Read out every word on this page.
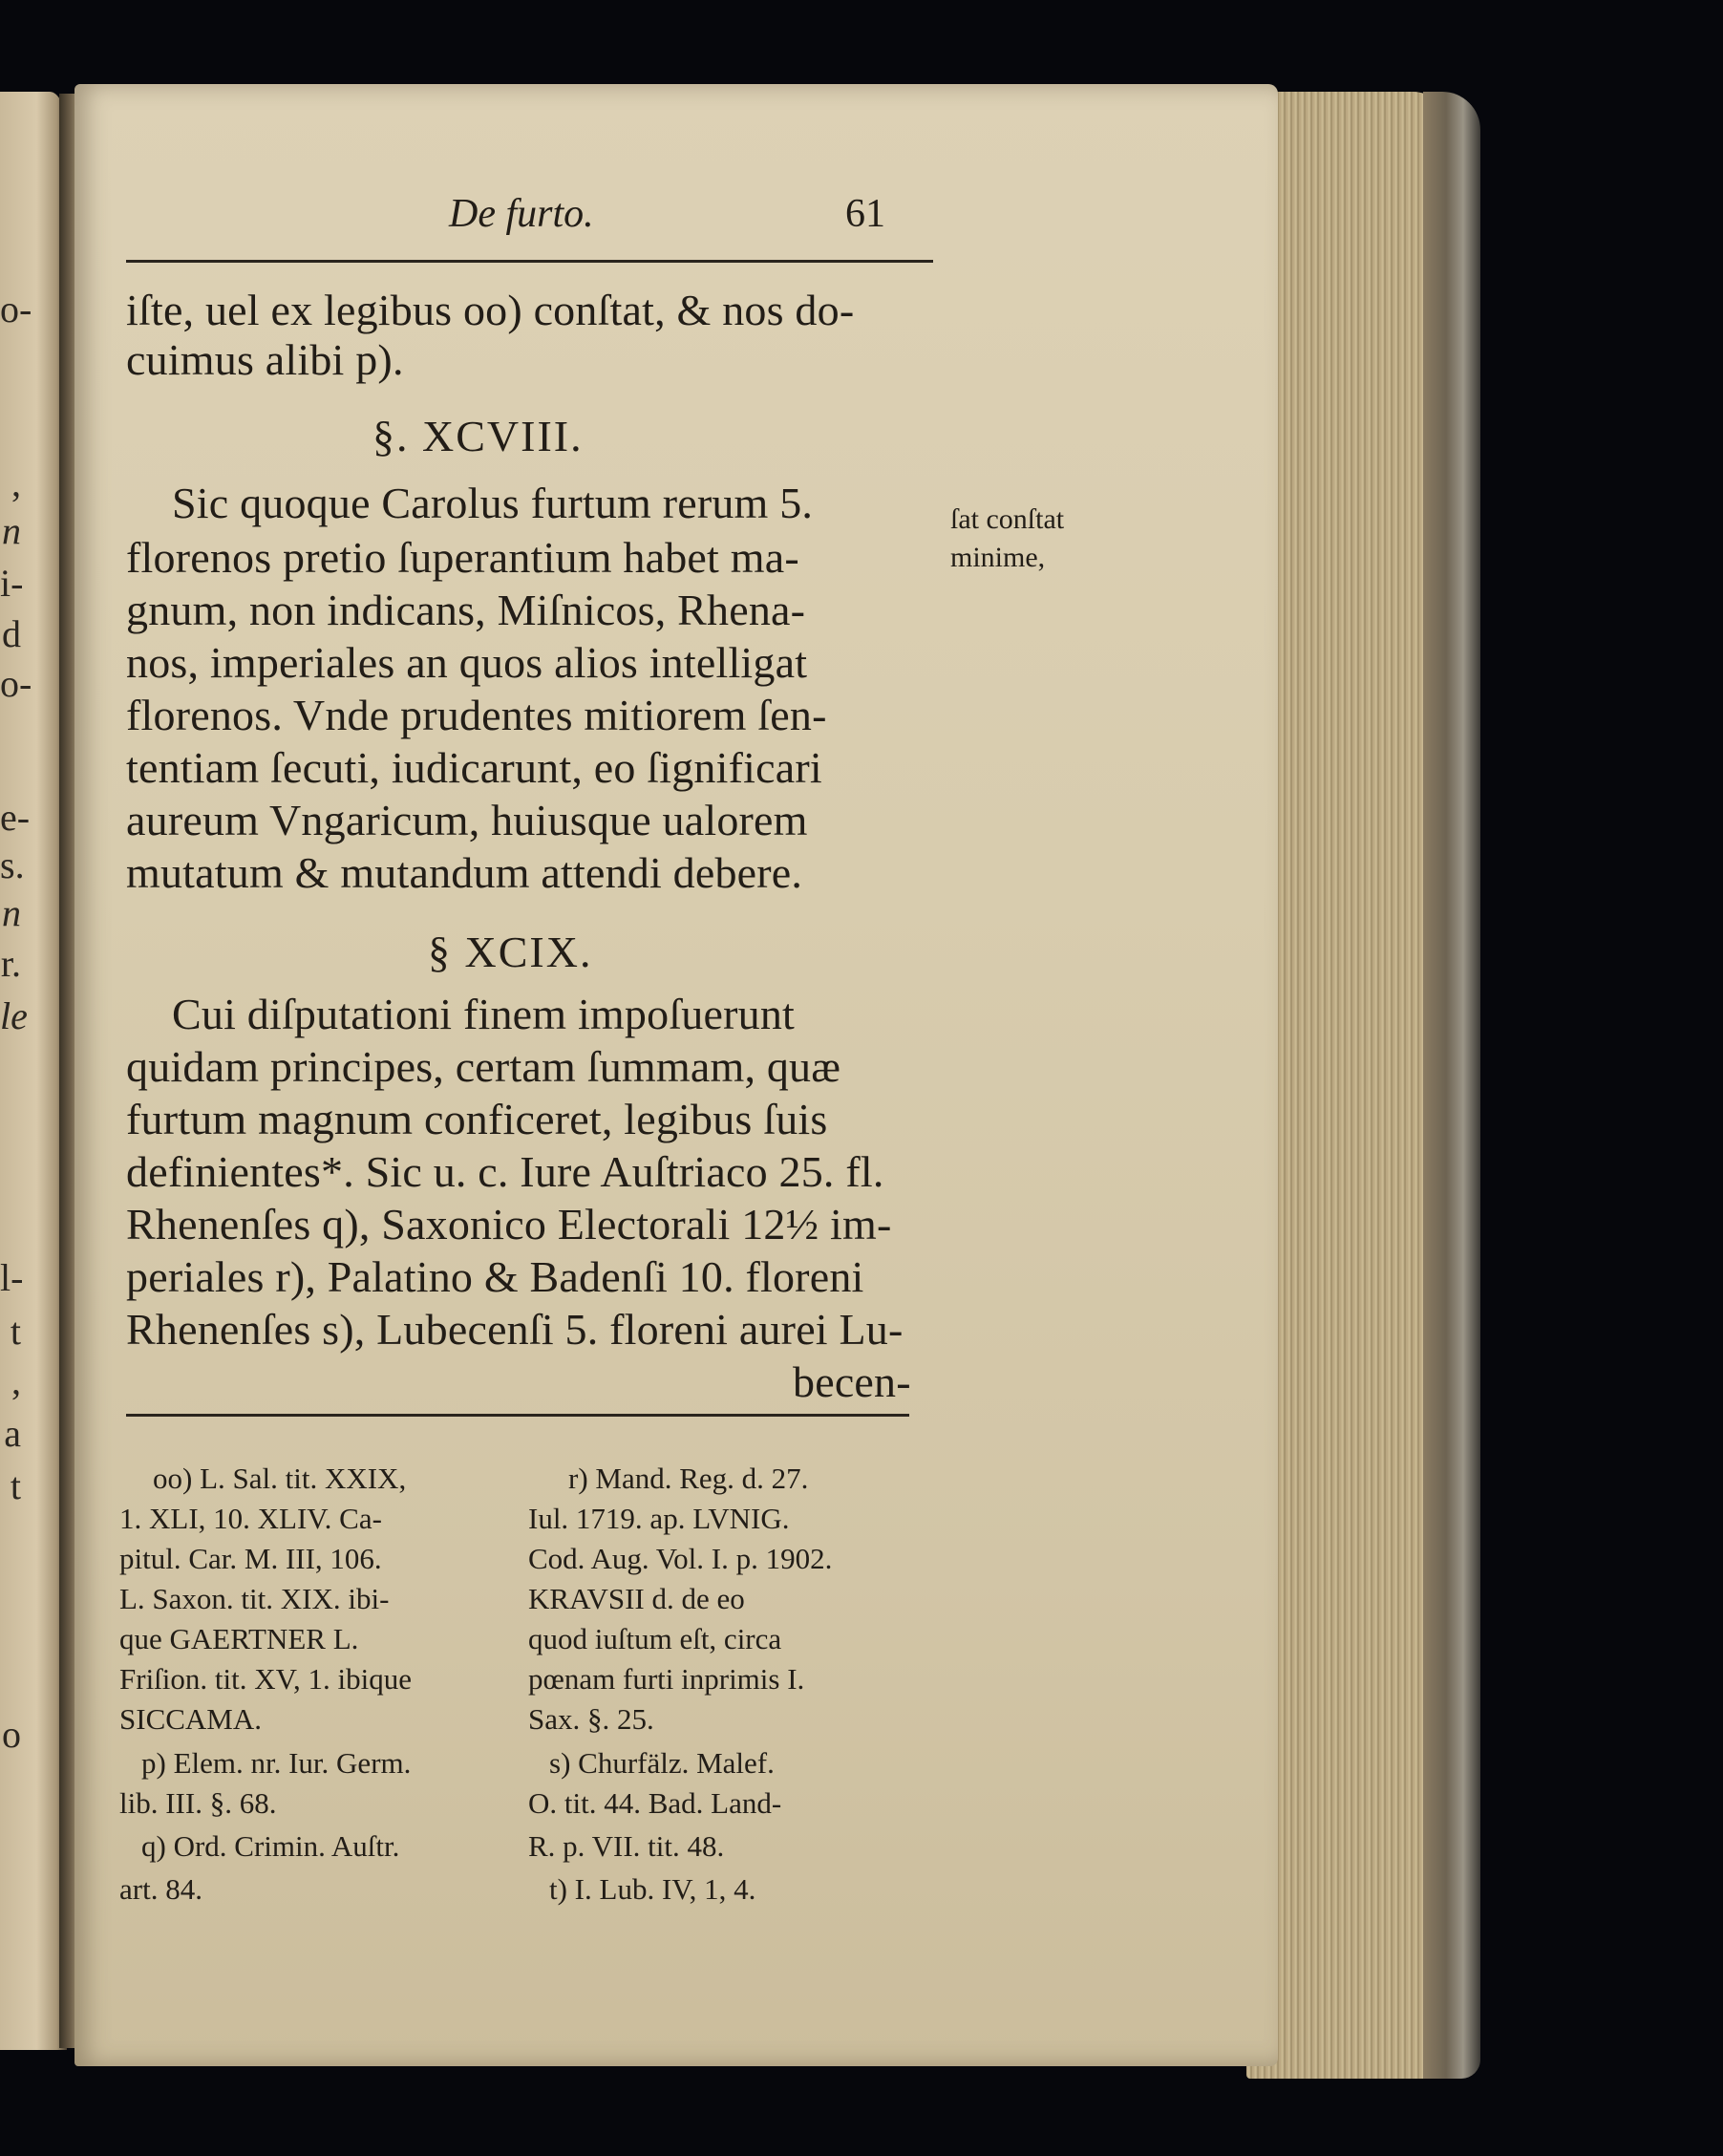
o-
,
n
i-
d
o-
e-
s.
n
r.
le
l-
t
,
a
t
o
De furto.	61
iſte, uel ex legibus oo) conſtat, & nos do-
cuimus alibi p).
§. XCVIII.
Sic quoque Carolus furtum rerum 5.
florenos pretio ſuperantium habet ma-
gnum, non indicans, Miſnicos, Rhena-
nos, imperiales an quos alios intelligat
florenos. Vnde prudentes mitiorem ſen-
tentiam ſecuti, iudicarunt, eo ſignificari
aureum Vngaricum, huiusque ualorem
mutatum & mutandum attendi debere.
§ XCIX.
Cui diſputationi finem impoſuerunt
quidam principes, certam ſummam, quæ
furtum magnum conficeret, legibus ſuis
definientes*. Sic u. c. Iure Auſtriaco 25. fl.
Rhenenſes q), Saxonico Electorali 12½ im-
periales r), Palatino & Badenſi 10. floreni
Rhenenſes s), Lubecenſi 5. floreni aurei Lu-
becen-
ſat conſtat
minime,
oo) L. Sal. tit. XXIX,
1. XLI, 10. XLIV. Ca-
pitul. Car. M. III, 106.
L. Saxon. tit. XIX. ibi-
que GAERTNER L.
Friſion. tit. XV, 1. ibique
SICCAMA.
p) Elem. nr. Iur. Germ.
lib. III. §. 68.
q) Ord. Crimin. Auſtr.
art. 84.
r) Mand. Reg. d. 27.
Iul. 1719. ap. LVNIG.
Cod. Aug. Vol. I. p. 1902.
KRAVSII d. de eo
quod iuſtum eſt, circa
pœnam furti inprimis I.
Sax. §. 25.
s) Churfälz. Malef.
O. tit. 44. Bad. Land-
R. p. VII. tit. 48.
t) I. Lub. IV, 1, 4.
